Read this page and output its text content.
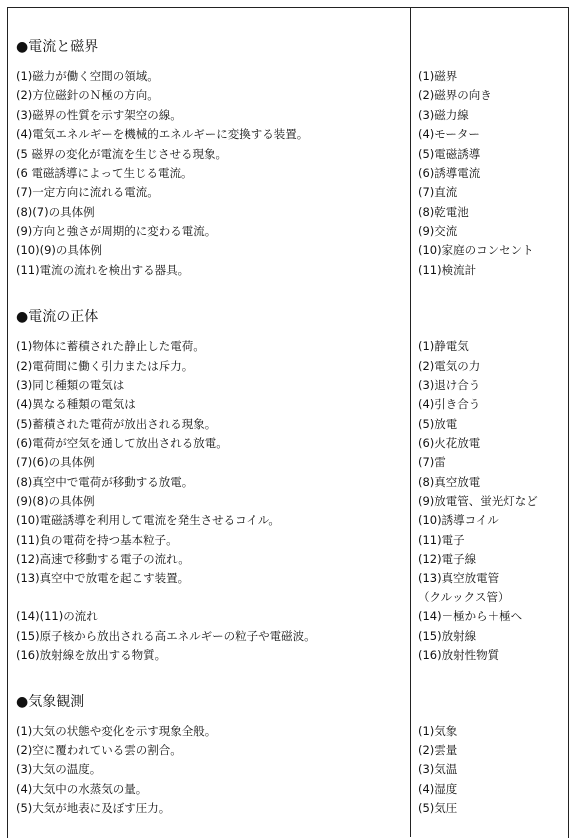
●電流と磁界
(1)磁力が働く空間の領域。	(1)磁界
(2)方位磁針のＮ極の方向。	(2)磁界の向き
(3)磁界の性質を示す架空の線。	(3)磁力線
(4)電気エネルギーを機械的エネルギーに変換する装置。	(4)モーター
(5 磁界の変化が電流を生じさせる現象。	(5)電磁誘導
(6 電磁誘導によって生じる電流。	(6)誘導電流
(7)一定方向に流れる電流。	(7)直流
(8)(7)の具体例	(8)乾電池
(9)方向と強さが周期的に変わる電流。	(9)交流
(10)(9)の具体例	(10)家庭のコンセント
(11)電流の流れを検出する器具。	(11)検流計
●電流の正体
(1)物体に蓄積された静止した電荷。	(1)静電気
(2)電荷間に働く引力または斥力。	(2)電気の力
(3)同じ種類の電気は	(3)退け合う
(4)異なる種類の電気は	(4)引き合う
(5)蓄積された電荷が放出される現象。	(5)放電
(6)電荷が空気を通して放出される放電。	(6)火花放電
(7)(6)の具体例	(7)雷
(8)真空中で電荷が移動する放電。	(8)真空放電
(9)(8)の具体例	(9)放電管、蛍光灯など
(10)電磁誘導を利用して電流を発生させるコイル。	(10)誘導コイル
(11)負の電荷を持つ基本粒子。	(11)電子
(12)高速で移動する電子の流れ。	(12)電子線
(13)真空中で放電を起こす装置。	(13)真空放電管
（クルックス管）
(14)(11)の流れ	(14)－極から＋極へ
(15)原子核から放出される高エネルギーの粒子や電磁波。	(15)放射線
(16)放射線を放出する物質。	(16)放射性物質
●気象観測
(1)大気の状態や変化を示す現象全般。	(1)気象
(2)空に覆われている雲の割合。	(2)雲量
(3)大気の温度。	(3)気温
(4)大気中の水蒸気の量。	(4)湿度
(5)大気が地表に及ぼす圧力。	(5)気圧
